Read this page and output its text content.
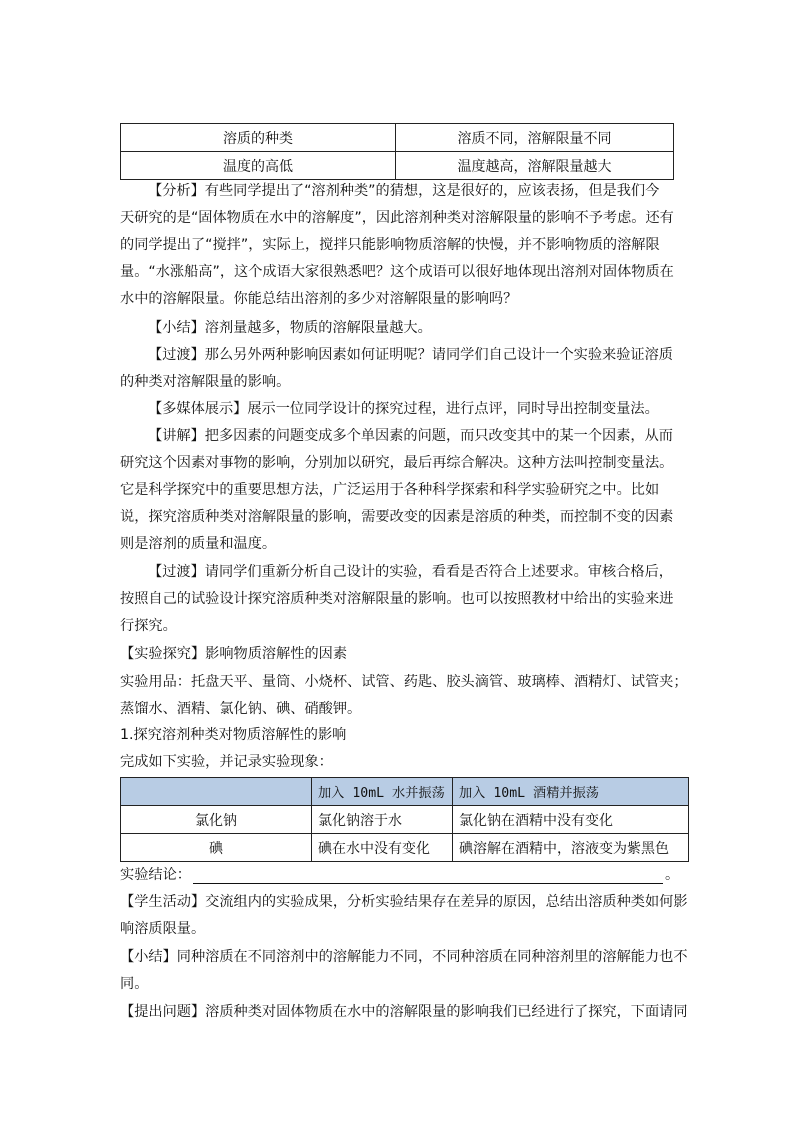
溶质的种类	溶质不同，溶解限量不同
温度的高低	温度越高，溶解限量越大
【分析】有些同学提出了“溶剂种类”的猜想，这是很好的，应该表扬，但是我们今
天研究的是“固体物质在水中的溶解度”，因此溶剂种类对溶解限量的影响不予考虑。还有
的同学提出了“搅拌”，实际上，搅拌只能影响物质溶解的快慢，并不影响物质的溶解限
量。“水涨船高”，这个成语大家很熟悉吧？这个成语可以很好地体现出溶剂对固体物质在
水中的溶解限量。你能总结出溶剂的多少对溶解限量的影响吗？
【小结】溶剂量越多，物质的溶解限量越大。
【过渡】那么另外两种影响因素如何证明呢？请同学们自己设计一个实验来验证溶质
的种类对溶解限量的影响。
【多媒体展示】展示一位同学设计的探究过程，进行点评，同时导出控制变量法。
【讲解】把多因素的问题变成多个单因素的问题，而只改变其中的某一个因素，从而
研究这个因素对事物的影响，分别加以研究，最后再综合解决。这种方法叫控制变量法。
它是科学探究中的重要思想方法，广泛运用于各种科学探索和科学实验研究之中。比如
说，探究溶质种类对溶解限量的影响，需要改变的因素是溶质的种类，而控制不变的因素
则是溶剂的质量和温度。
【过渡】请同学们重新分析自己设计的实验，看看是否符合上述要求。审核合格后，
按照自己的试验设计探究溶质种类对溶解限量的影响。也可以按照教材中给出的实验来进
行探究。
【实验探究】影响物质溶解性的因素
实验用品：托盘天平、量筒、小烧杯、试管、药匙、胶头滴管、玻璃棒、酒精灯、试管夹；
蒸馏水、酒精、氯化钠、碘、硝酸钾。
1.探究溶剂种类对物质溶解性的影响
完成如下实验，并记录实验现象：
	加入 10mL 水并振荡	加入 10mL 酒精并振荡
氯化钠	氯化钠溶于水	氯化钠在酒精中没有变化
碘	碘在水中没有变化	碘溶解在酒精中，溶液变为紫黑色
实验结论：	。
【学生活动】交流组内的实验成果，分析实验结果存在差异的原因，总结出溶质种类如何影
响溶质限量。
【小结】同种溶质在不同溶剂中的溶解能力不同，不同种溶质在同种溶剂里的溶解能力也不
同。
【提出问题】溶质种类对固体物质在水中的溶解限量的影响我们已经进行了探究，下面请同
